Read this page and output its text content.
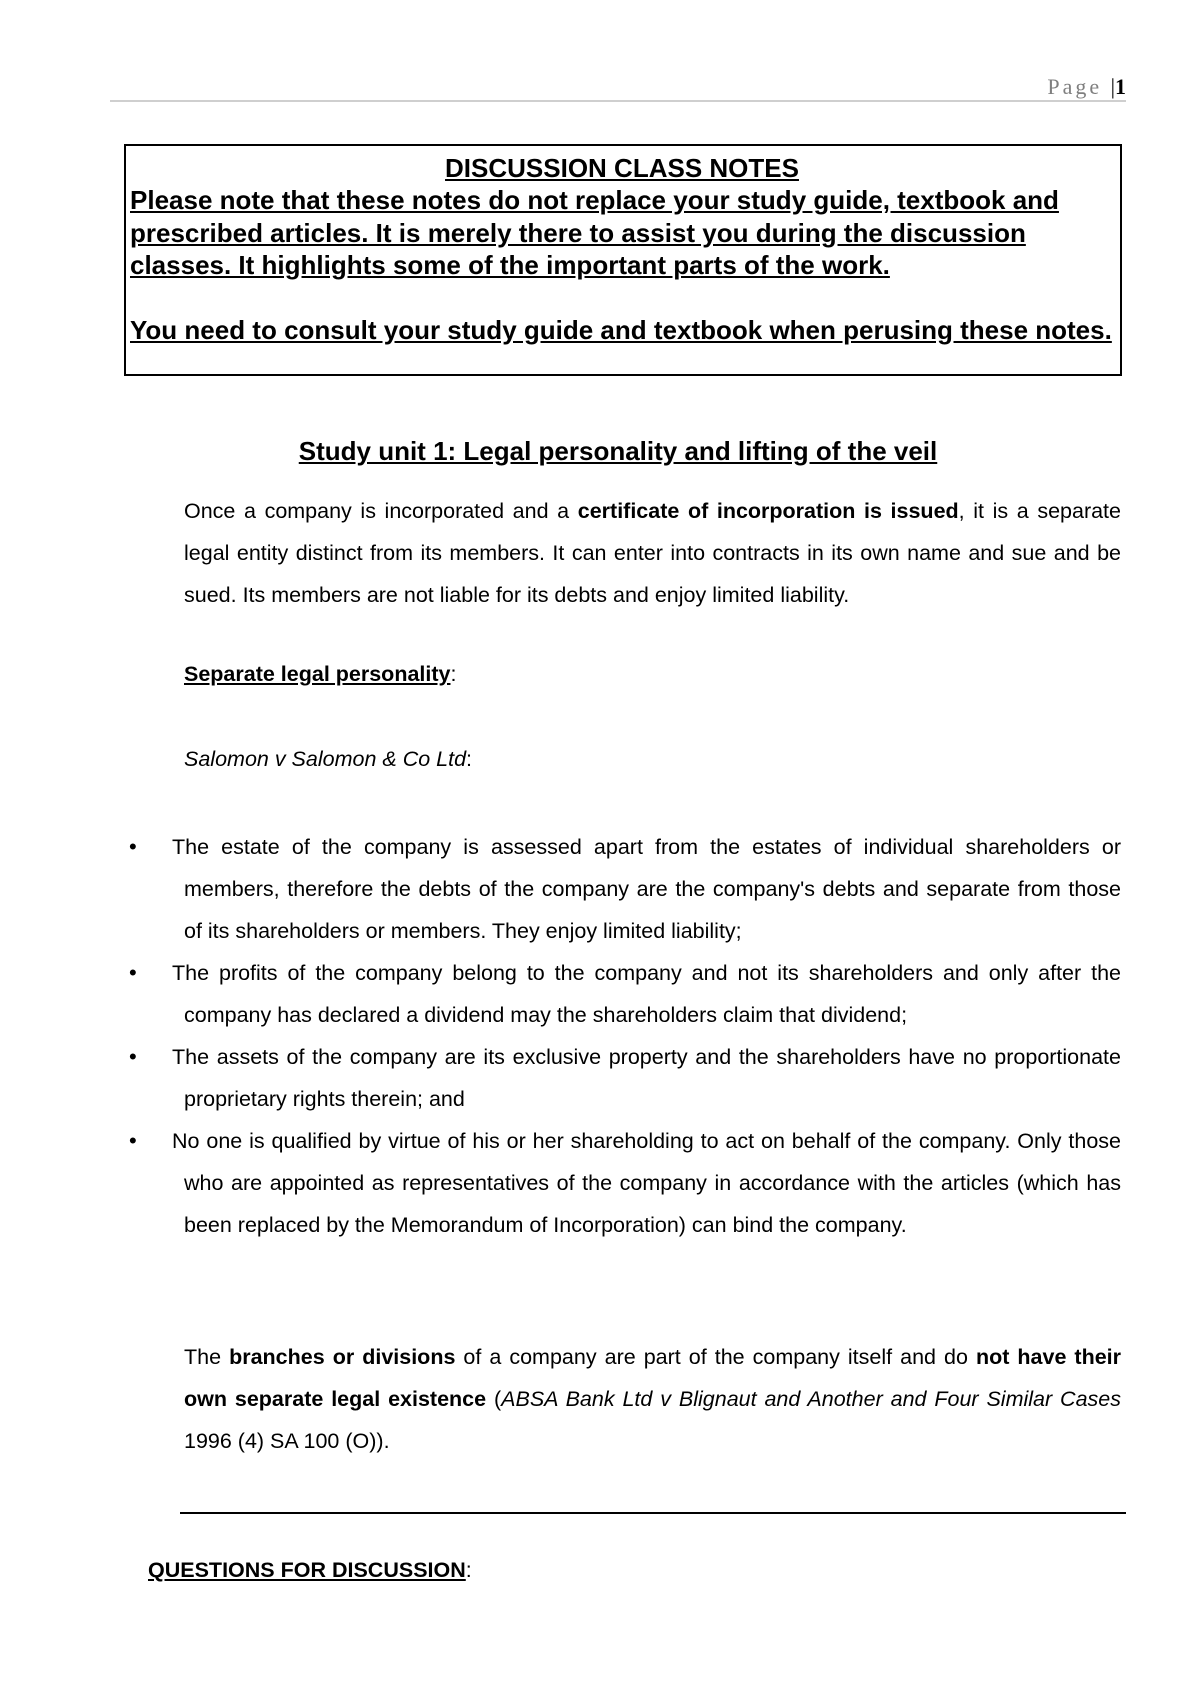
Page |1
DISCUSSION CLASS NOTES

Please note that these notes do not replace your study guide, textbook and prescribed articles. It is merely there to assist you during the discussion classes. It highlights some of the important parts of the work.

You need to consult your study guide and textbook when perusing these notes.

Study unit 1: Legal personality and lifting of the veil
Once a company is incorporated and a certificate of incorporation is issued, it is a separate legal entity distinct from its members. It can enter into contracts in its own name and sue and be sued. Its members are not liable for its debts and enjoy limited liability.
Separate legal personality:
Salomon v Salomon & Co Ltd:
• The estate of the company is assessed apart from the estates of individual shareholders or members, therefore the debts of the company are the company's debts and separate from those of its shareholders or members. They enjoy limited liability;
• The profits of the company belong to the company and not its shareholders and only after the company has declared a dividend may the shareholders claim that dividend;
• The assets of the company are its exclusive property and the shareholders have no proportionate proprietary rights therein; and
• No one is qualified by virtue of his or her shareholding to act on behalf of the company. Only those who are appointed as representatives of the company in accordance with the articles (which has been replaced by the Memorandum of Incorporation) can bind the company.
The branches or divisions of a company are part of the company itself and do not have their own separate legal existence (ABSA Bank Ltd v Blignaut and Another and Four Similar Cases 1996 (4) SA 100 (O)).
QUESTIONS FOR DISCUSSION:
